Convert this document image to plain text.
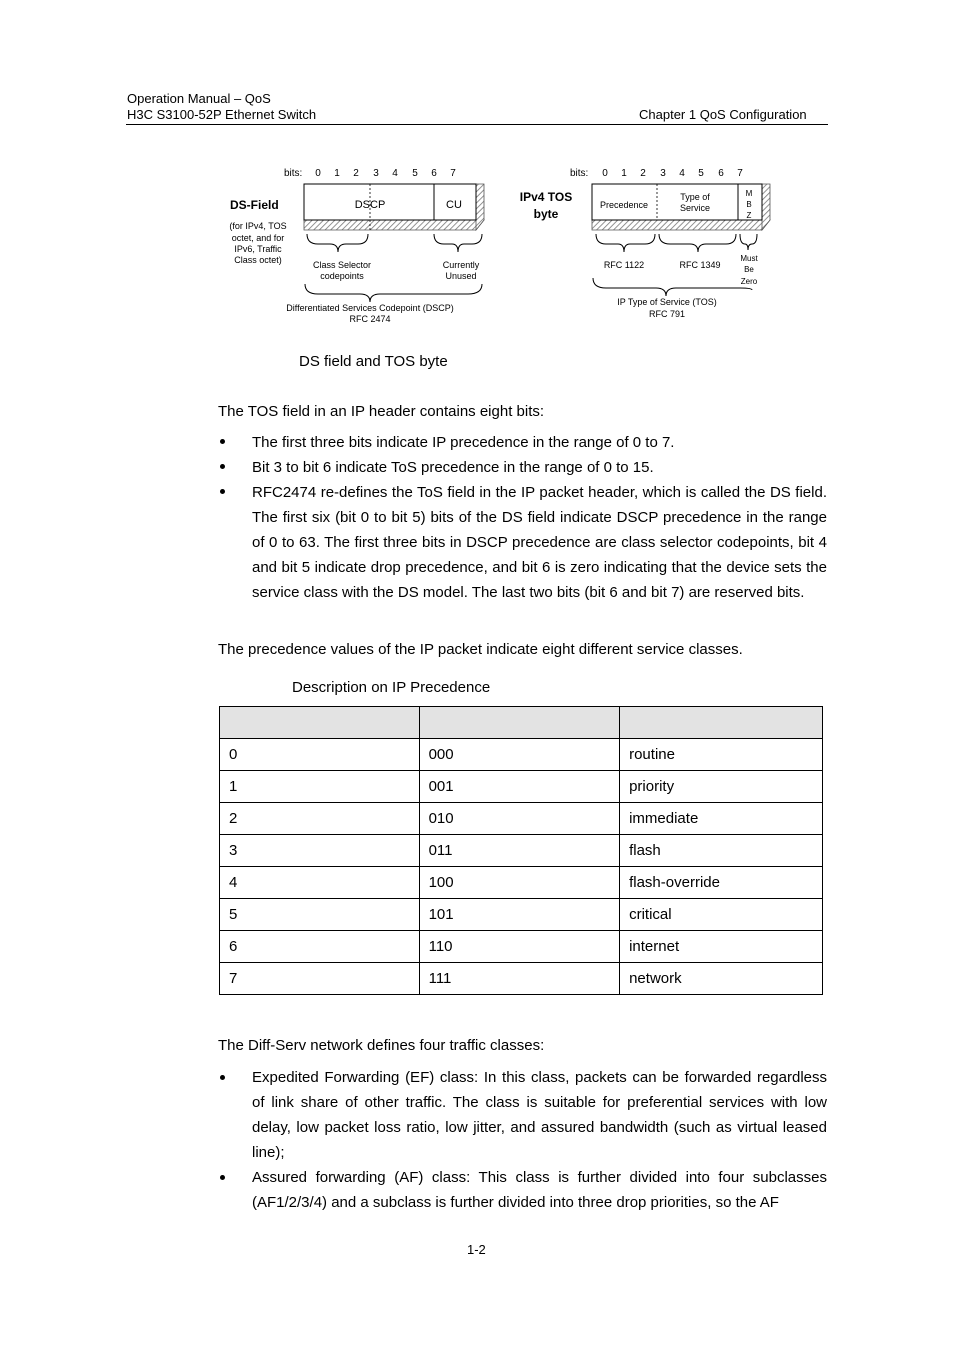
Operation Manual – QoS
H3C S3100-52P Ethernet Switch	Chapter 1 QoS Configuration
bits: 0 1 2 3 4 5 6 7
DSCP	CU
DS-Field
(for IPv4, TOS
octet, and for
IPv6, Traffic
Class octet)	Class Selector
codepoints
Currently
Unused
Differentiated Services Codepoint (DSCP)
RFC 2474
bits: 0 1 2 3 4 5 6 7
IPv4 TOS
byte
Precedence
Type of
Service
M
B
Z
RFC 1122	RFC 1349
Must
Be
Zero
IP Type of Service (TOS)
RFC 791
DS field and TOS byte
The TOS field in an IP header contains eight bits:
The first three bits indicate IP precedence in the range of 0 to 7.
Bit 3 to bit 6 indicate ToS precedence in the range of 0 to 15.
RFC2474 re-defines the ToS field in the IP packet header, which is called the DS field. The first six (bit 0 to bit 5) bits of the DS field indicate DSCP precedence in the range of 0 to 63. The first three bits in DSCP precedence are class selector codepoints, bit 4 and bit 5 indicate drop precedence, and bit 6 is zero indicating that the device sets the service class with the DS model. The last two bits (bit 6 and bit 7) are reserved bits.
The precedence values of the IP packet indicate eight different service classes.
Description on IP Precedence

0	000	routine
1	001	priority
2	010	immediate
3	011	flash
4	100	flash-override
5	101	critical
6	110	internet
7	111	network
The Diff-Serv network defines four traffic classes:
Expedited Forwarding (EF) class: In this class, packets can be forwarded regardless of link share of other traffic. The class is suitable for preferential services with low delay, low packet loss ratio, low jitter, and assured bandwidth (such as virtual leased line);
Assured forwarding (AF) class: This class is further divided into four subclasses (AF1/2/3/4) and a subclass is further divided into three drop priorities, so the AF
1-2
